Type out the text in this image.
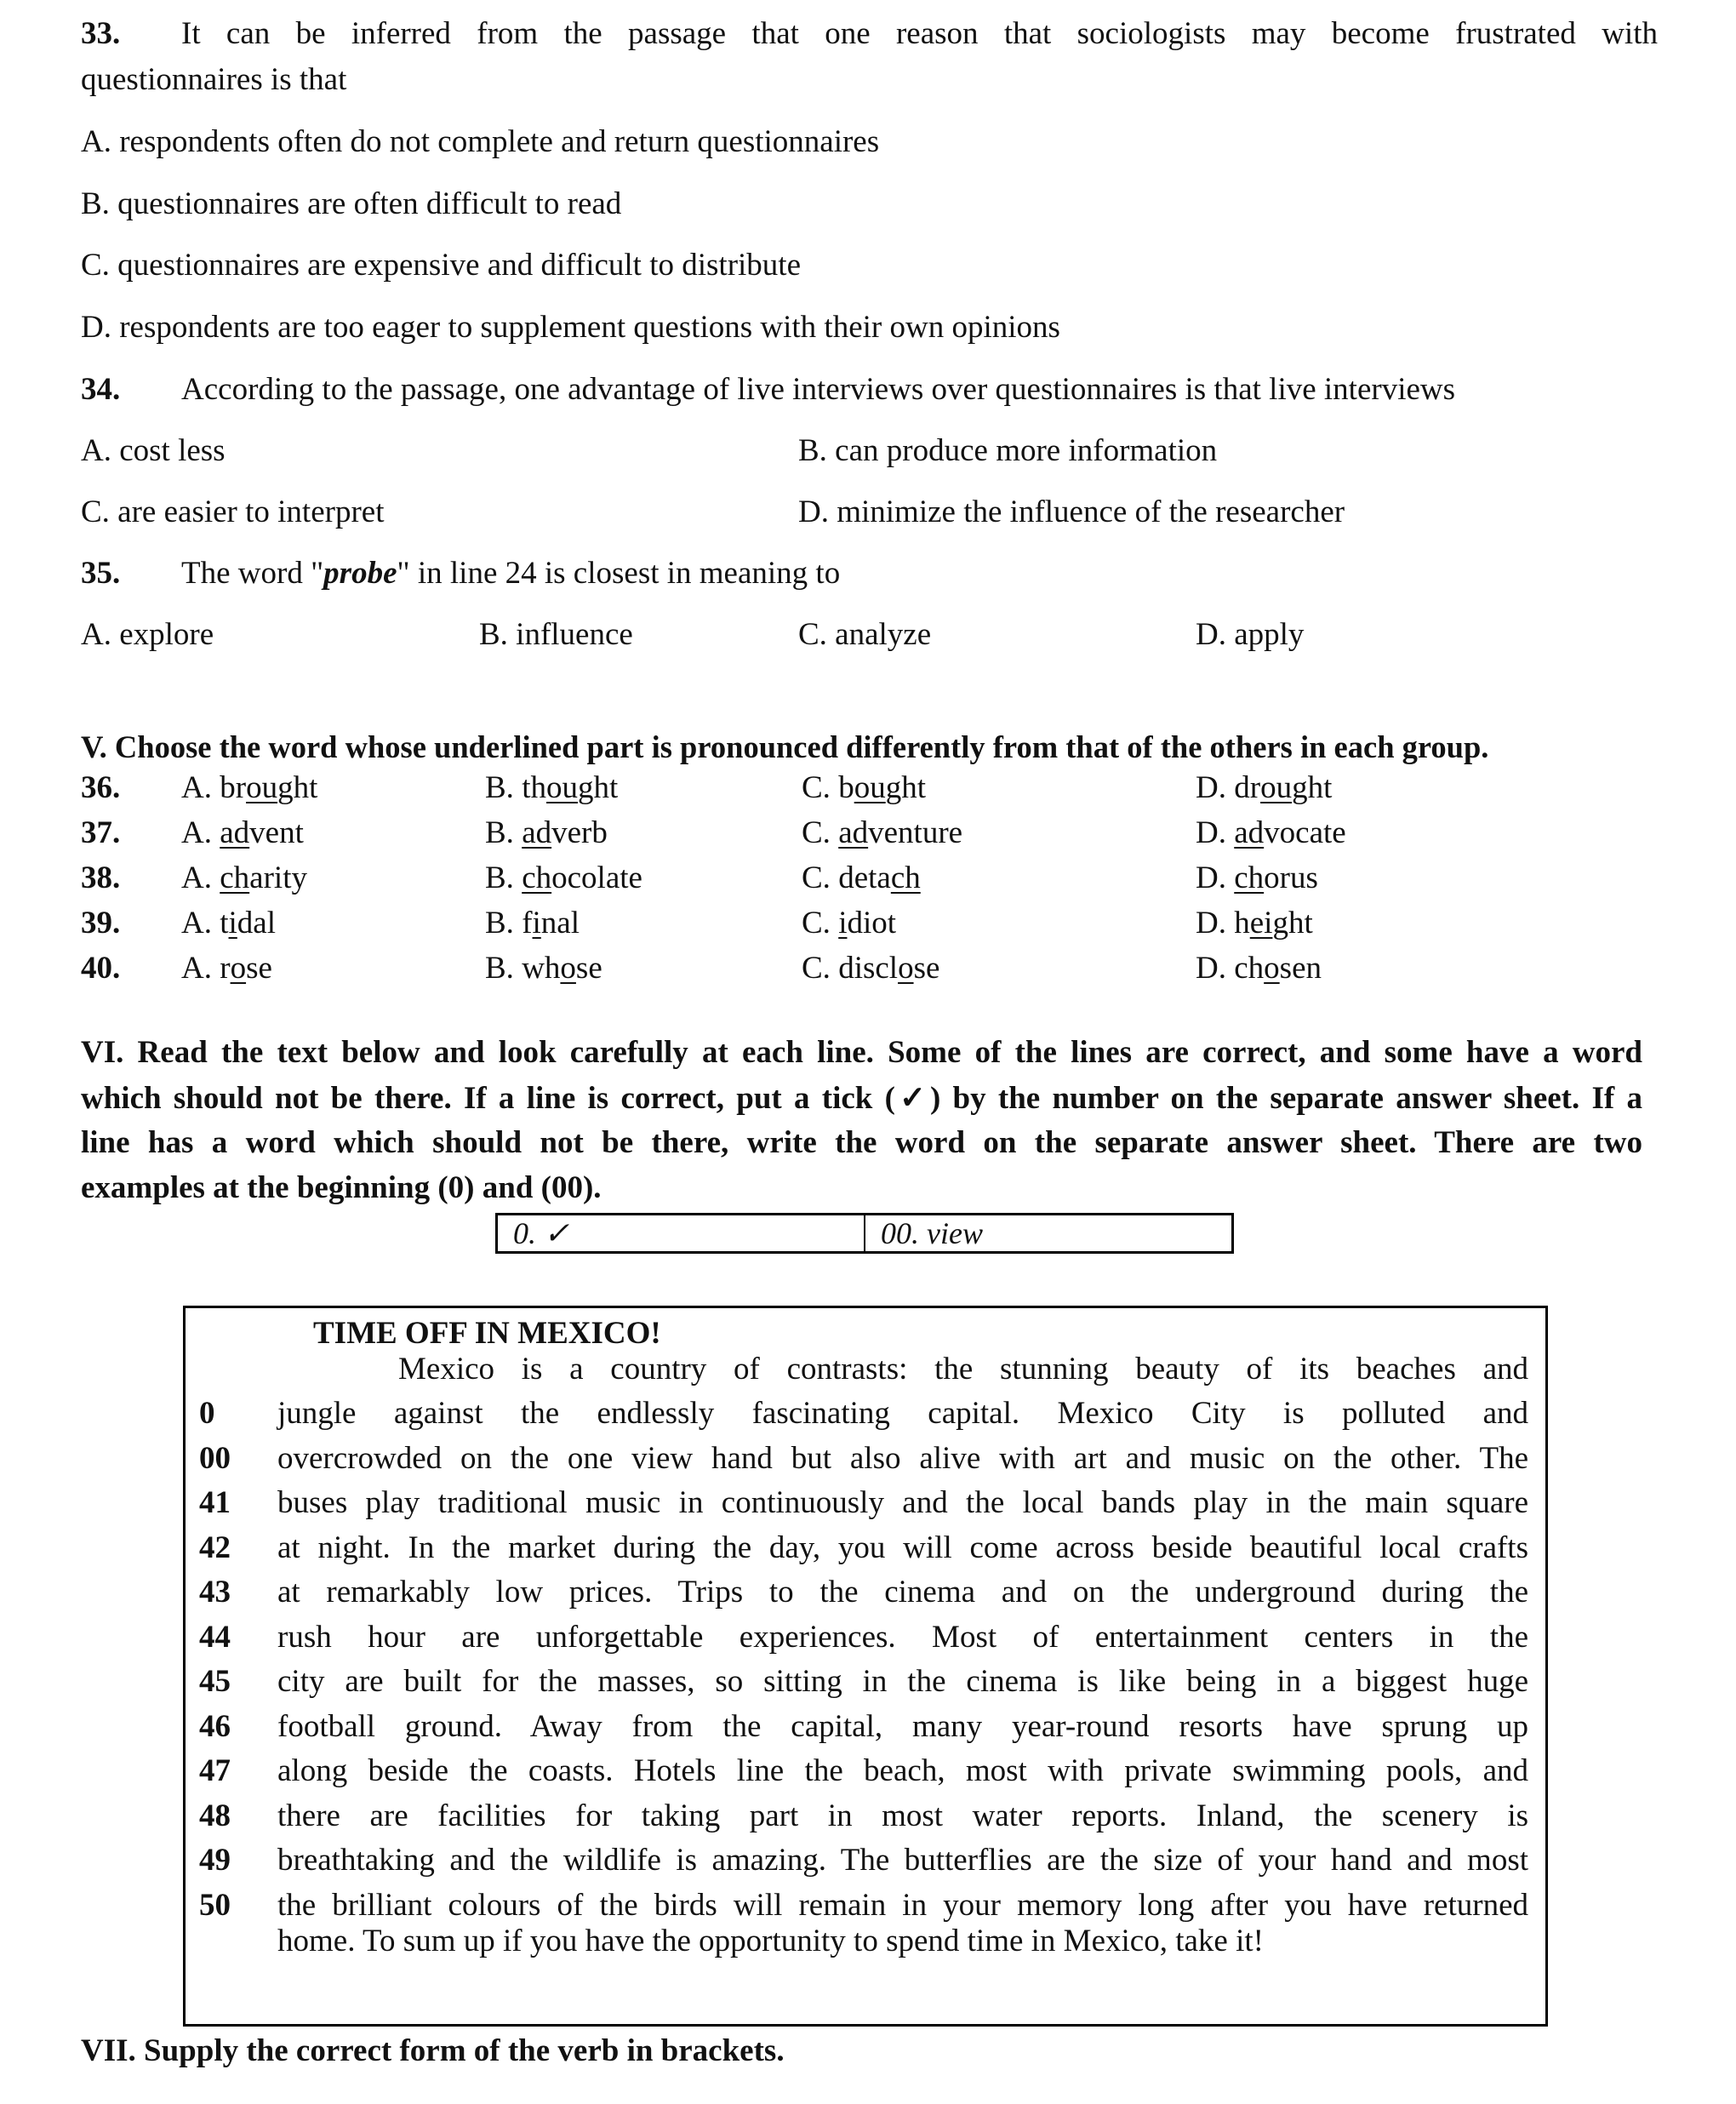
33. It can be inferred from the passage that one reason that sociologists may become frustrated with
questionnaires is that
A. respondents often do not complete and return questionnaires
B. questionnaires are often difficult to read
C. questionnaires are expensive and difficult to distribute
D. respondents are too eager to supplement questions with their own opinions
34. According to the passage, one advantage of live interviews over questionnaires is that live interviews
A. cost less	B. can produce more information
C. are easier to interpret	D. minimize the influence of the researcher
35. The word "probe" in line 24 is closest in meaning to
A. explore	B. influence	C. analyze	D. apply
V. Choose the word whose underlined part is pronounced differently from that of the others in each group.
36. A. brought	B. thought	C. bought	D. drought
37. A. advent	B. adverb	C. adventure	D. advocate
38. A. charity	B. chocolate	C. detach	D. chorus
39. A. tidal	B. final	C. idiot	D. height
40. A. rose	B. whose	C. disclose	D. chosen
VI. Read the text below and look carefully at each line. Some of the lines are correct, and some have a word
which should not be there. If a line is correct, put a tick (✓) by the number on the separate answer sheet. If a
line has a word which should not be there, write the word on the separate answer sheet. There are two
examples at the beginning (0) and (00).
0. ✓	00. view
TIME OFF IN MEXICO!
Mexico is a country of contrasts: the stunning beauty of its beaches and
0	jungle against the endlessly fascinating capital. Mexico City is polluted and
00	overcrowded on the one view hand but also alive with art and music on the other. The
41	buses play traditional music in continuously and the local bands play in the main square
42	at night. In the market during the day, you will come across beside beautiful local crafts
43	at remarkably low prices. Trips to the cinema and on the underground during the
44	rush hour are unforgettable experiences. Most of entertainment centers in the
45	city are built for the masses, so sitting in the cinema is like being in a biggest huge
46	football ground. Away from the capital, many year-round resorts have sprung up
47	along beside the coasts. Hotels line the beach, most with private swimming pools, and
48	there are facilities for taking part in most water reports. Inland, the scenery is
49	breathtaking and the wildlife is amazing. The butterflies are the size of your hand and most
50	the brilliant colours of the birds will remain in your memory long after you have returned
home. To sum up if you have the opportunity to spend time in Mexico, take it!
VII. Supply the correct form of the verb in brackets.
